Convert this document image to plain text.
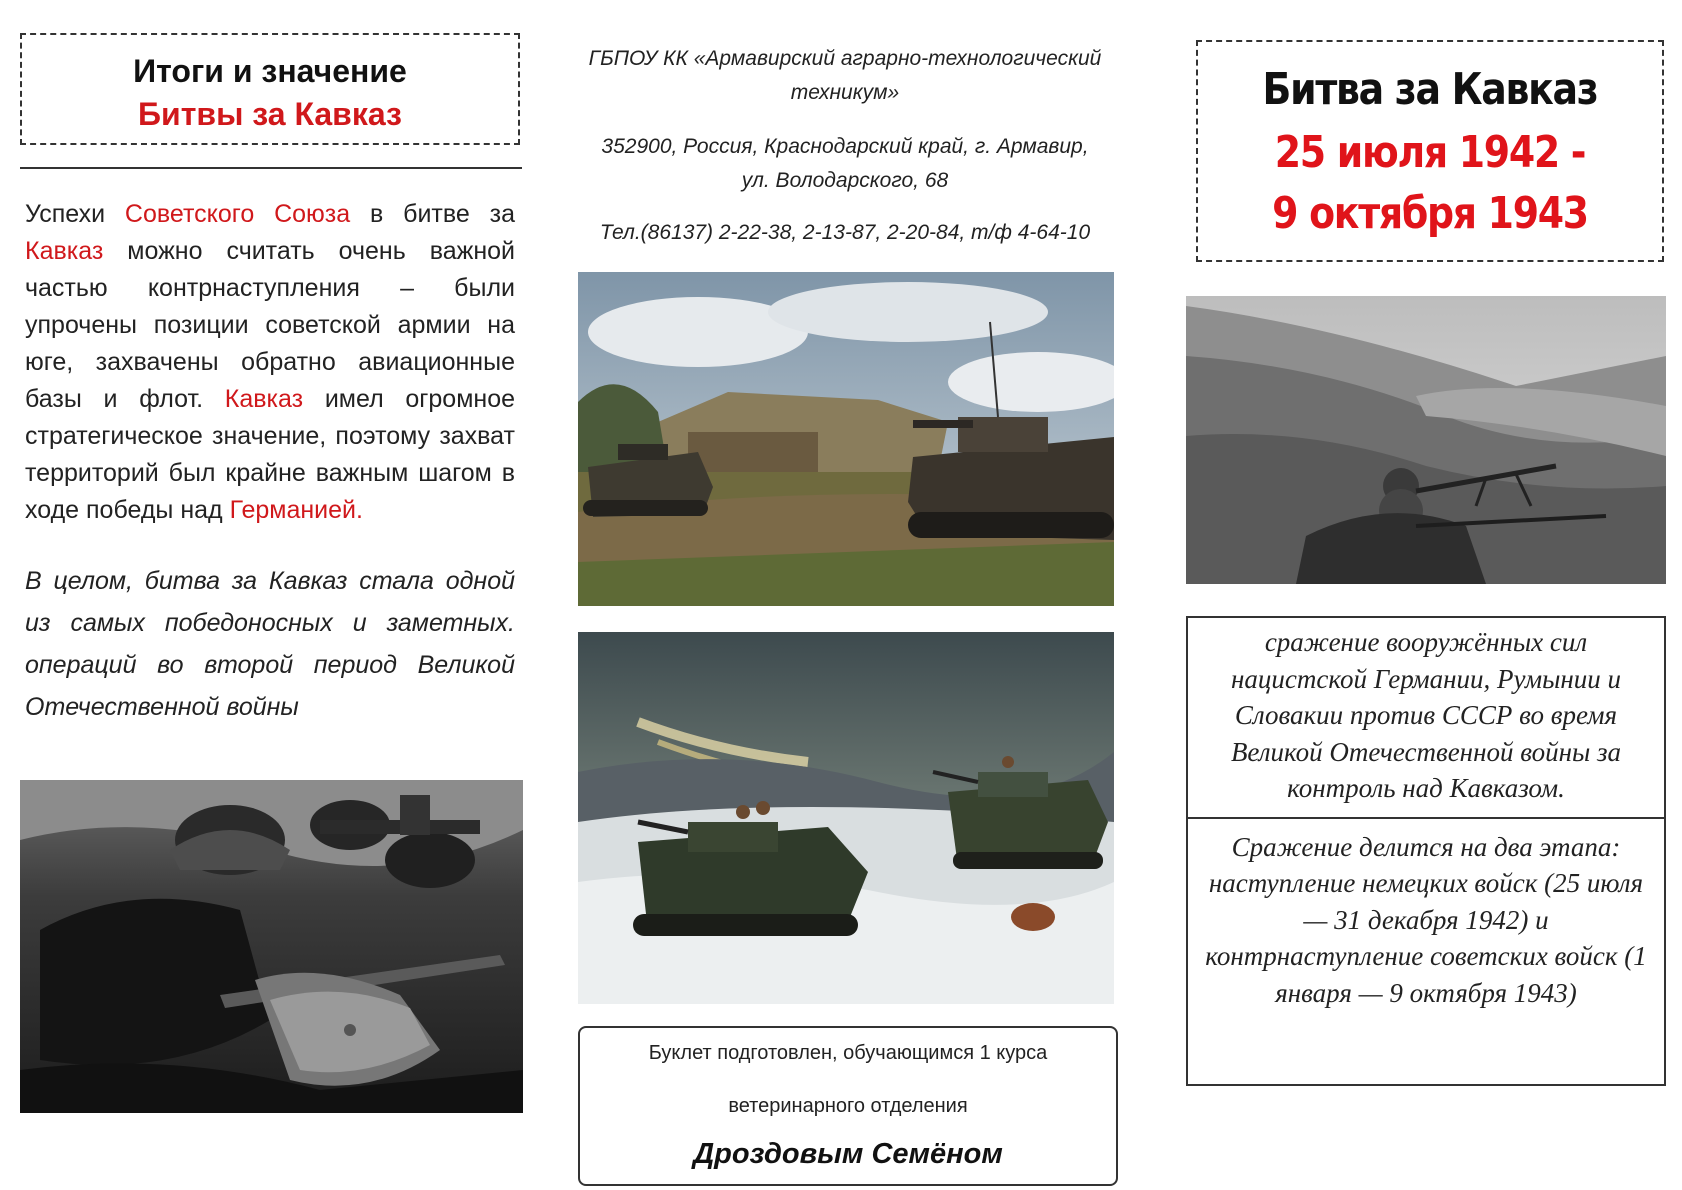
Итоги и значение
Битвы за Кавказ
Успехи Советского Союза в битве за Кавказ можно считать очень важной частью контрнаступления – были упрочены позиции советской армии на юге, захвачены обратно авиационные базы и флот. Кавказ имел огромное стратегическое значение, поэтому захват территорий был крайне важным шагом в ходе победы над Германией.
В целом, битва за Кавказ стала одной из самых победоносных и заметных. операций во второй период Великой Отечественной войны
ГБПОУ КК «Армавирский аграрно-технологический
техникум»
352900, Россия, Краснодарский край, г. Армавир,
ул. Володарского, 68
Тел.(86137) 2-22-38, 2-13-87, 2-20-84, т/ф 4-64-10
Буклет подготовлен, обучающимся 1 курса
ветеринарного отделения
Дроздовым Семёном
Битва за Кавказ
25 июля 1942 -
9 октября 1943
сражение вооружённых сил нацистской Германии, Румынии и Словакии против СССР во время Великой Отечественной войны за контроль над Кавказом.
Сражение делится на два этапа: наступление немецких войск (25 июля — 31 декабря 1942) и контрнаступление советских войск (1 января — 9 октября 1943)
